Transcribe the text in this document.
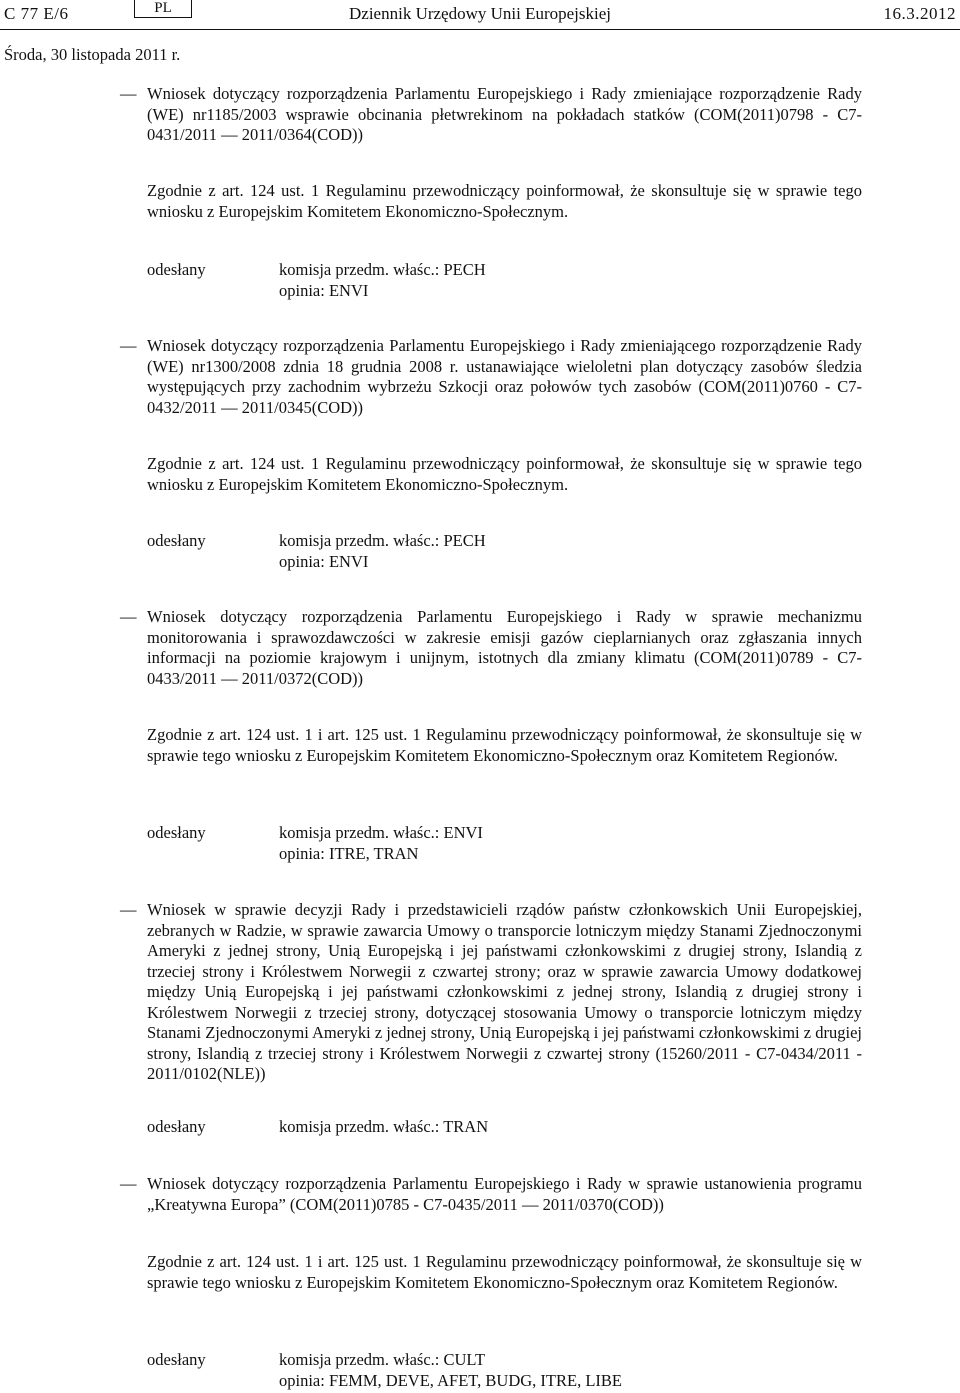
C 77 E/6	PL	Dziennik Urzędowy Unii Europejskiej	16.3.2012
Środa, 30 listopada 2011 r.
— Wniosek dotyczący rozporządzenia Parlamentu Europejskiego i Rady zmieniające rozporządzenie Rady (WE) nr1185/2003 wsprawie obcinania płetwrekinom na pokładach statków (COM(2011)0798 - C7-0431/2011 — 2011/0364(COD))
Zgodnie z art. 124 ust. 1 Regulaminu przewodniczący poinformował, że skonsultuje się w sprawie tego wniosku z Europejskim Komitetem Ekonomiczno-Społecznym.
odesłany	komisja przedm. właśc.: PECH
opinia: ENVI
— Wniosek dotyczący rozporządzenia Parlamentu Europejskiego i Rady zmieniającego rozporządzenie Rady (WE) nr1300/2008 zdnia 18 grudnia 2008 r. ustanawiające wieloletni plan dotyczący zasobów śledzia występujących przy zachodnim wybrzeżu Szkocji oraz połowów tych zasobów (COM(2011)0760 - C7-0432/2011 — 2011/0345(COD))
Zgodnie z art. 124 ust. 1 Regulaminu przewodniczący poinformował, że skonsultuje się w sprawie tego wniosku z Europejskim Komitetem Ekonomiczno-Społecznym.
odesłany	komisja przedm. właśc.: PECH
opinia: ENVI
— Wniosek dotyczący rozporządzenia Parlamentu Europejskiego i Rady w sprawie mechanizmu monitorowania i sprawozdawczości w zakresie emisji gazów cieplarnianych oraz zgłaszania innych informacji na poziomie krajowym i unijnym, istotnych dla zmiany klimatu (COM(2011)0789 - C7-0433/2011 — 2011/0372(COD))
Zgodnie z art. 124 ust. 1 i art. 125 ust. 1 Regulaminu przewodniczący poinformował, że skonsultuje się w sprawie tego wniosku z Europejskim Komitetem Ekonomiczno-Społecznym oraz Komitetem Regionów.
odesłany	komisja przedm. właśc.: ENVI
opinia: ITRE, TRAN
— Wniosek w sprawie decyzji Rady i przedstawicieli rządów państw członkowskich Unii Europejskiej, zebranych w Radzie, w sprawie zawarcia Umowy o transporcie lotniczym między Stanami Zjednoczonymi Ameryki z jednej strony, Unią Europejską i jej państwami członkowskimi z drugiej strony, Islandią z trzeciej strony i Królestwem Norwegii z czwartej strony; oraz w sprawie zawarcia Umowy dodatkowej między Unią Europejską i jej państwami członkowskimi z jednej strony, Islandią z drugiej strony i Królestwem Norwegii z trzeciej strony, dotyczącej stosowania Umowy o transporcie lotniczym między Stanami Zjednoczonymi Ameryki z jednej strony, Unią Europejską i jej państwami członkowskimi z drugiej strony, Islandią z trzeciej strony i Królestwem Norwegii z czwartej strony (15260/2011 - C7-0434/2011 - 2011/0102(NLE))
odesłany	komisja przedm. właśc.: TRAN
— Wniosek dotyczący rozporządzenia Parlamentu Europejskiego i Rady w sprawie ustanowienia programu „Kreatywna Europa” (COM(2011)0785 - C7-0435/2011 — 2011/0370(COD))
Zgodnie z art. 124 ust. 1 i art. 125 ust. 1 Regulaminu przewodniczący poinformował, że skonsultuje się w sprawie tego wniosku z Europejskim Komitetem Ekonomiczno-Społecznym oraz Komitetem Regionów.
odesłany	komisja przedm. właśc.: CULT
opinia: FEMM, DEVE, AFET, BUDG, ITRE, LIBE
